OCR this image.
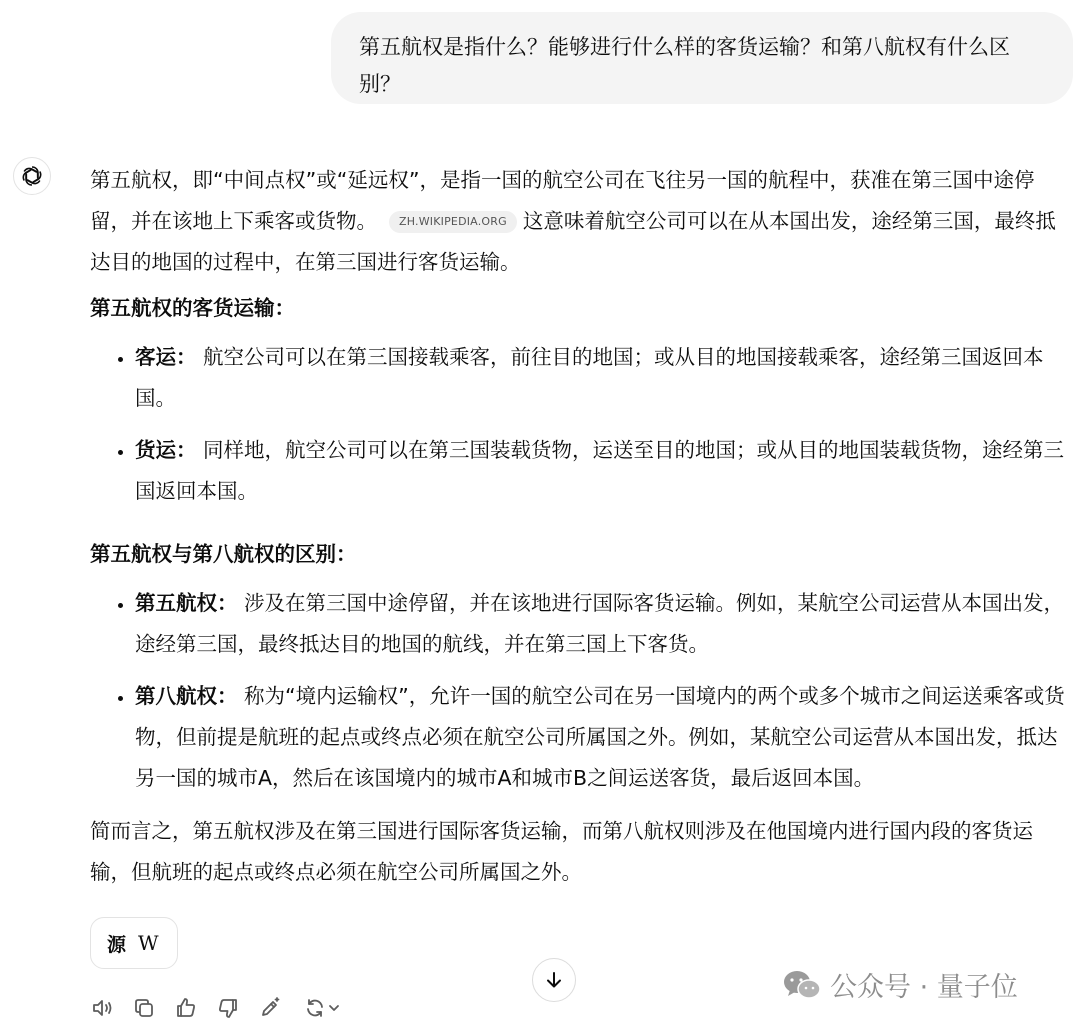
第五航权是指什么？能够进行什么样的客货运输？和第八航权有什么区别？

第五航权，即“中间点权”或“延远权”，是指一国的航空公司在飞往另一国的航程中，获准在第三国中途停留，并在该地上下乘客或货物。 ZH.WIKIPEDIA.ORG 这意味着航空公司可以在从本国出发，途经第三国，最终抵达目的地国的过程中，在第三国进行客货运输。

第五航权的客货运输：

• 客运： 航空公司可以在第三国接载乘客，前往目的地国；或从目的地国接载乘客，途经第三国返回本国。
• 货运： 同样地，航空公司可以在第三国装载货物，运送至目的地国；或从目的地国装载货物，途经第三国返回本国。

第五航权与第八航权的区别：

• 第五航权： 涉及在第三国中途停留，并在该地进行国际客货运输。例如，某航空公司运营从本国出发，途经第三国，最终抵达目的地国的航线，并在第三国上下客货。
• 第八航权： 称为“境内运输权”，允许一国的航空公司在另一国境内的两个或多个城市之间运送乘客或货物，但前提是航班的起点或终点必须在航空公司所属国之外。例如，某航空公司运营从本国出发，抵达另一国的城市A，然后在该国境内的城市A和城市B之间运送客货，最后返回本国。

简而言之，第五航权涉及在第三国进行国际客货运输，而第八航权则涉及在他国境内进行国内段的客货运输，但航班的起点或终点必须在航空公司所属国之外。

源 W
公众号 · 量子位
